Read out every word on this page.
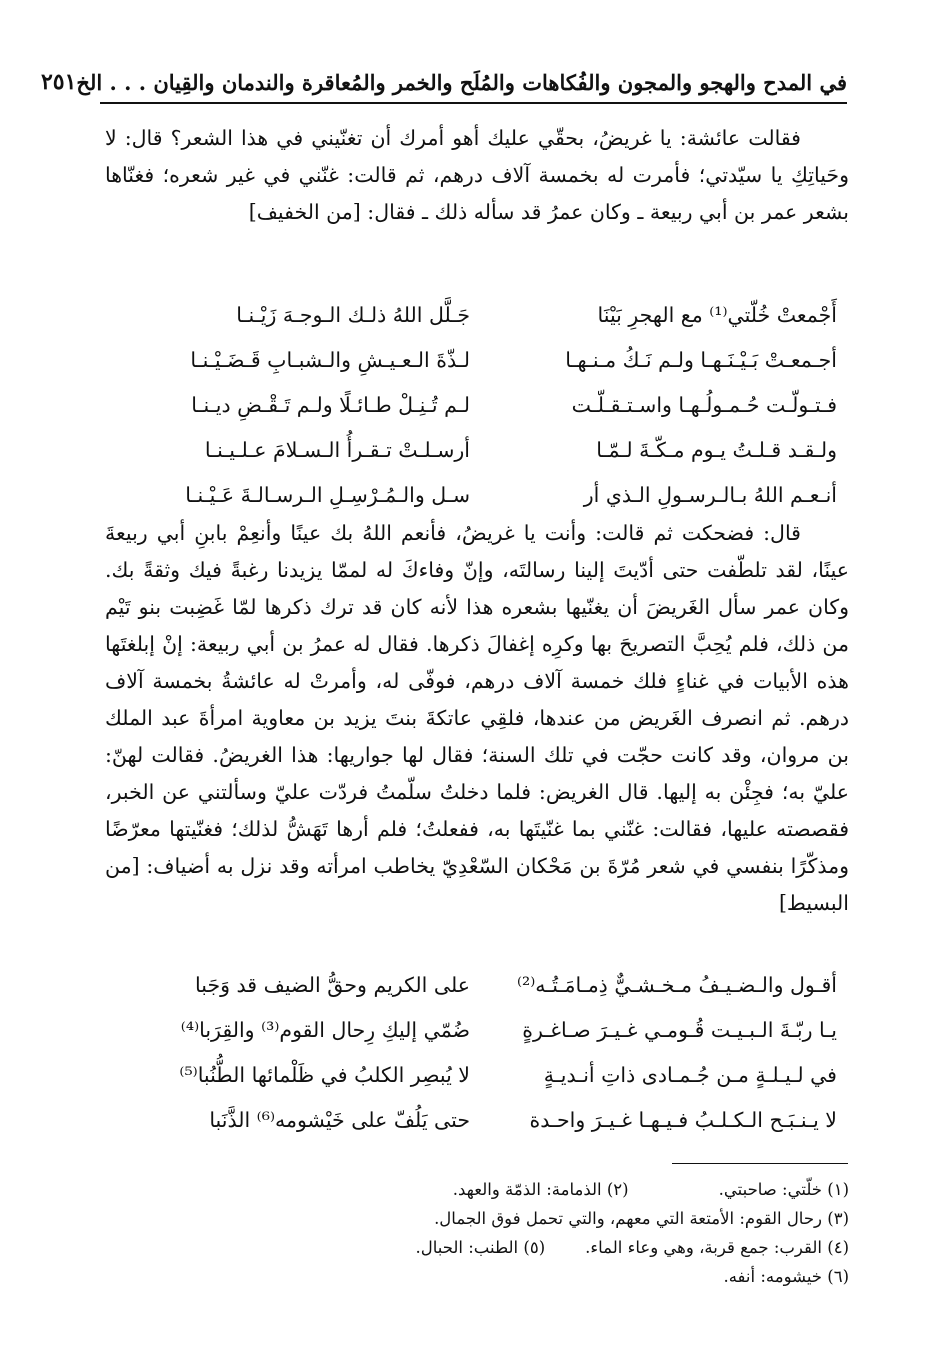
في المدح والهجو والمجون والفُكاهات والمُلَح والخمر والمُعاقرة والندمان والقِيان . . . الخ
٢٥١

فقالت عائشة: يا غريضُ، بحقّي عليك أهو أمرك أن تغنّيني في هذا الشعر؟ قال: لا وحَياتِكِ يا سيّدتي؛ فأمرت له بخمسة آلاف درهم، ثم قالت: غنّني في غير شعره؛ فغنّاها بشعر عمر بن أبي ربيعة ـ وكان عمرُ قد سأله ذلك ـ فقال: [من الخفيف]

أَجْمعتْ خُلّتي⁽¹⁾ مع الهجرِ بَيْنَا
جَـلَّل اللهُ ذلـك الـوجـهَ زَيْـنـا
أجـمعـتْ بَـيْـنَـهـا ولـم نَـكُ مـنـهـا
لـذّةَ الـعـيـشِ والـشبـابِ قَـضَـيْـنـا
فـتـولّـت حُـمـولُـهـا واسـتـقـلّـت
لـم تُـنِـلْ طـائـلًا ولـم تَـقْـضِ ديـنـا
ولـقـد قـلـتُ يـوم مـكّـةَ لـمّـا
أرسـلـتْ تـقـرأُ الـسـلامَ عـلـيـنـا
أنـعـم اللهُ بـالـرسـولِ الـذي أر
سـل والـمُـرْسِـلِ الـرسـالـةَ عَـيْـنـا

قال: فضحكت ثم قالت: وأنت يا غريضُ، فأنعم اللهُ بك عينًا وأنعِمْ بابنِ أبي ربيعةَ عينًا، لقد تلطّفت حتى أدّيتَ إلينا رسالتَه، وإنّ وفاءكَ له لممّا يزيدنا رغبةً فيك وثقةً بك. وكان عمر سأل الغَريضَ أن يغنّيها بشعره هذا لأنه كان قد ترك ذكرها لمّا غَضِبت بنو تَيْم من ذلك، فلم يُحِبَّ التصريحَ بها وكرِه إغفالَ ذكرها. فقال له عمرُ بن أبي ربيعة: إنْ إبلغتَها هذه الأبيات في غناءٍ فلك خمسة آلاف درهم، فوفّى له، وأمرتْ له عائشةُ بخمسة آلاف درهم. ثم انصرف الغَريض من عندها، فلقِي عاتكةَ بنتَ يزيد بن معاوية امرأةَ عبد الملك بن مروان، وقد كانت حجّت في تلك السنة؛ فقال لها جواريها: هذا الغريضُ. فقالت لهنّ: عليّ به؛ فجِئْن به إليها. قال الغريض: فلما دخلتُ سلّمتُ فردّت عليّ وسألتني عن الخبر، فقصصته عليها، فقالت: غنّني بما غنّيتَها به، ففعلتُ؛ فلم أرها تَهَشُّ لذلك؛ فغنّيتها معرّضًا ومذكّرًا بنفسي في شعر مُرّةَ بن مَحْكان السّعْدِيّ يخاطب امرأته وقد نزل به أضياف: [من البسيط]

أقـول والـضـيـفُ مـخـشـيٌّ ذِمـامَـتُـه⁽²⁾
على الكريم وحقُّ الضيف قد وَجَبا
يـا ربّـةَ الـبـيـت قُـومـي غـيـرَ صـاغـرةٍ
ضُمّي إليكِ رِحال القوم⁽³⁾ والقِرَبا⁽⁴⁾
في لـيـلـةٍ مـن جُـمـادى ذاتِ أنـديـةٍ
لا يُبصِر الكلبُ في ظَلْمائها الطُّنُبا⁽⁵⁾
لا يـنـبَـح الـكـلـبُ فـيـهـا غـيـرَ واحـدة
حتى يَلُفّ على خَيْشومه⁽⁶⁾ الذَّنَبا
(١) خلّتي: صاحبتي.(٢) الذمامة: الذمّة والعهد.
(٣) رحال القوم: الأمتعة التي معهم، والتي تحمل فوق الجمال.
(٤) القرب: جمع قربة، وهي وعاء الماء.(٥) الطنب: الحبال.
(٦) خيشومه: أنفه.
